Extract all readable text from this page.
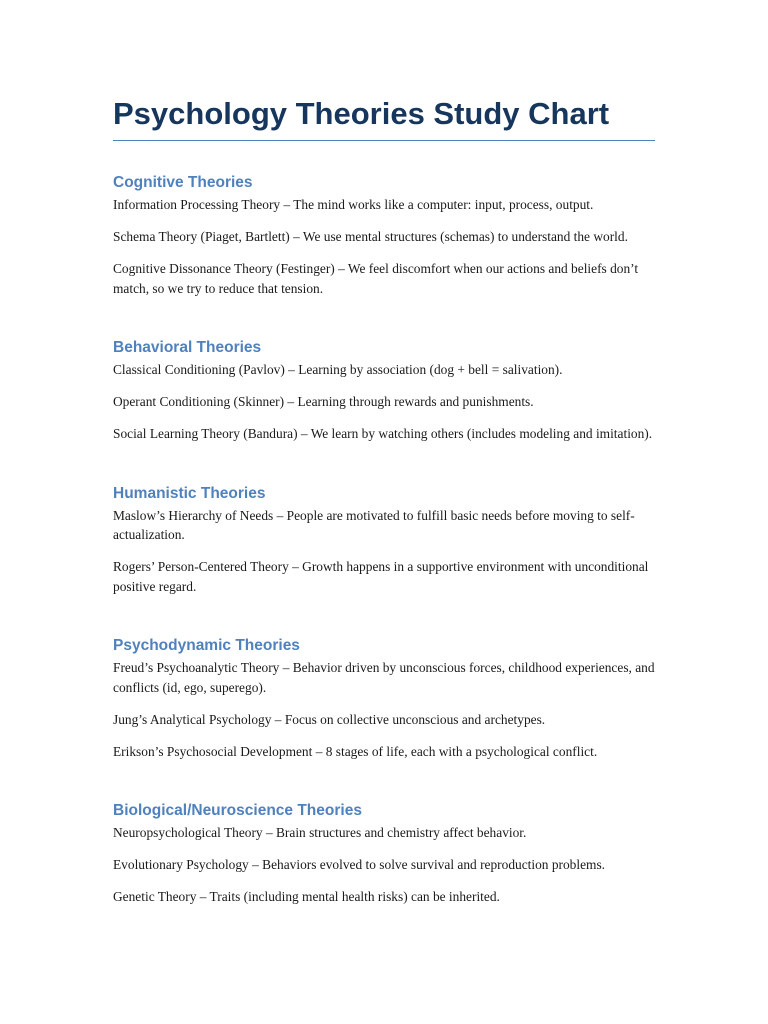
Psychology Theories Study Chart
Cognitive Theories

Information Processing Theory – The mind works like a computer: input, process, output.

Schema Theory (Piaget, Bartlett) – We use mental structures (schemas) to understand the world.

Cognitive Dissonance Theory (Festinger) – We feel discomfort when our actions and beliefs don’t match, so we try to reduce that tension.

Behavioral Theories

Classical Conditioning (Pavlov) – Learning by association (dog + bell = salivation).

Operant Conditioning (Skinner) – Learning through rewards and punishments.

Social Learning Theory (Bandura) – We learn by watching others (includes modeling and imitation).

Humanistic Theories

Maslow’s Hierarchy of Needs – People are motivated to fulfill basic needs before moving to self-actualization.

Rogers’ Person-Centered Theory – Growth happens in a supportive environment with unconditional positive regard.

Psychodynamic Theories

Freud’s Psychoanalytic Theory – Behavior driven by unconscious forces, childhood experiences, and conflicts (id, ego, superego).

Jung’s Analytical Psychology – Focus on collective unconscious and archetypes.

Erikson’s Psychosocial Development – 8 stages of life, each with a psychological conflict.

Biological/Neuroscience Theories

Neuropsychological Theory – Brain structures and chemistry affect behavior.

Evolutionary Psychology – Behaviors evolved to solve survival and reproduction problems.

Genetic Theory – Traits (including mental health risks) can be inherited.
